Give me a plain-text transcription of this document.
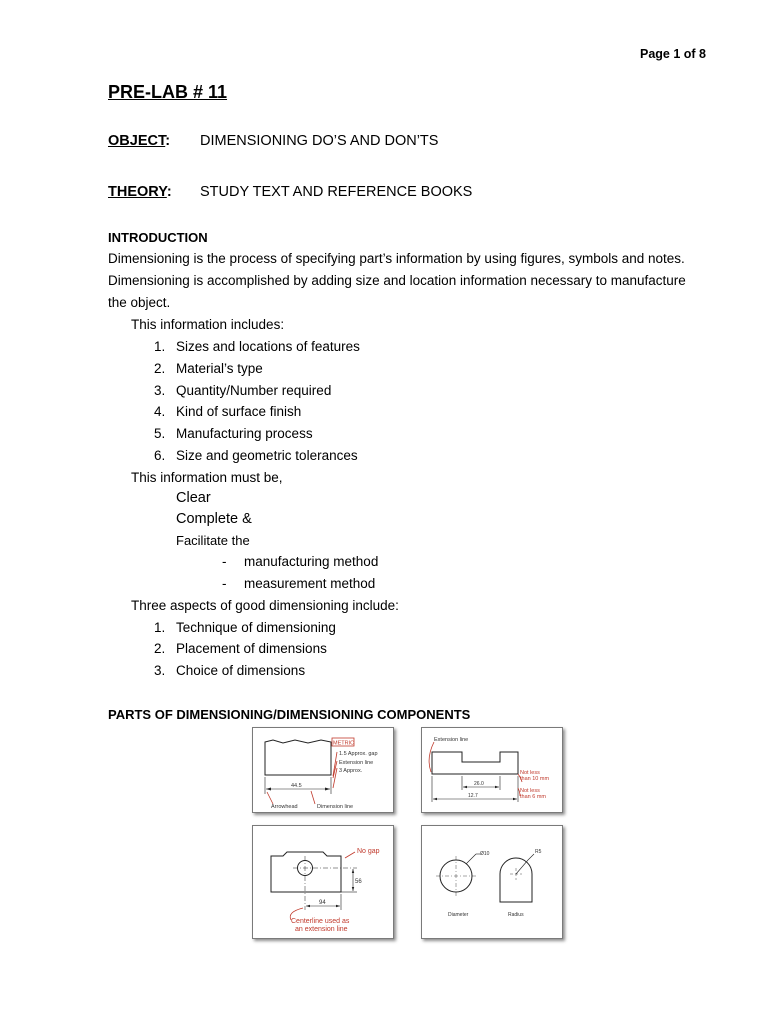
Page 1 of 8
PRE-LAB # 11
OBJECT: DIMENSIONING DO’S AND DON’TS
THEORY: STUDY TEXT AND REFERENCE BOOKS
INTRODUCTION
Dimensioning is the process of specifying part’s information by using figures, symbols and notes.
Dimensioning is accomplished by adding size and location information necessary to manufacture
the object.
This information includes:
1. Sizes and locations of features
2. Material’s type
3. Quantity/Number required
4. Kind of surface finish
5. Manufacturing process
6. Size and geometric tolerances
This information must be,
Clear
Complete &
Facilitate the
- manufacturing method
- measurement method
Three aspects of good dimensioning include:
1. Technique of dimensioning
2. Placement of dimensions
3. Choice of dimensions
PARTS OF DIMENSIONING/DIMENSIONING COMPONENTS
METRIC
1.5 Approx. gap
Extension line
3 Approx.
44.5
Arrowhead	Dimension line
Extension line
26.0
12.7
Not less
than 10 mm
Not less
than 6 mm
No gap
56
94
Centerline used as
an extension line
Ø10	R5
Diameter	Radius
